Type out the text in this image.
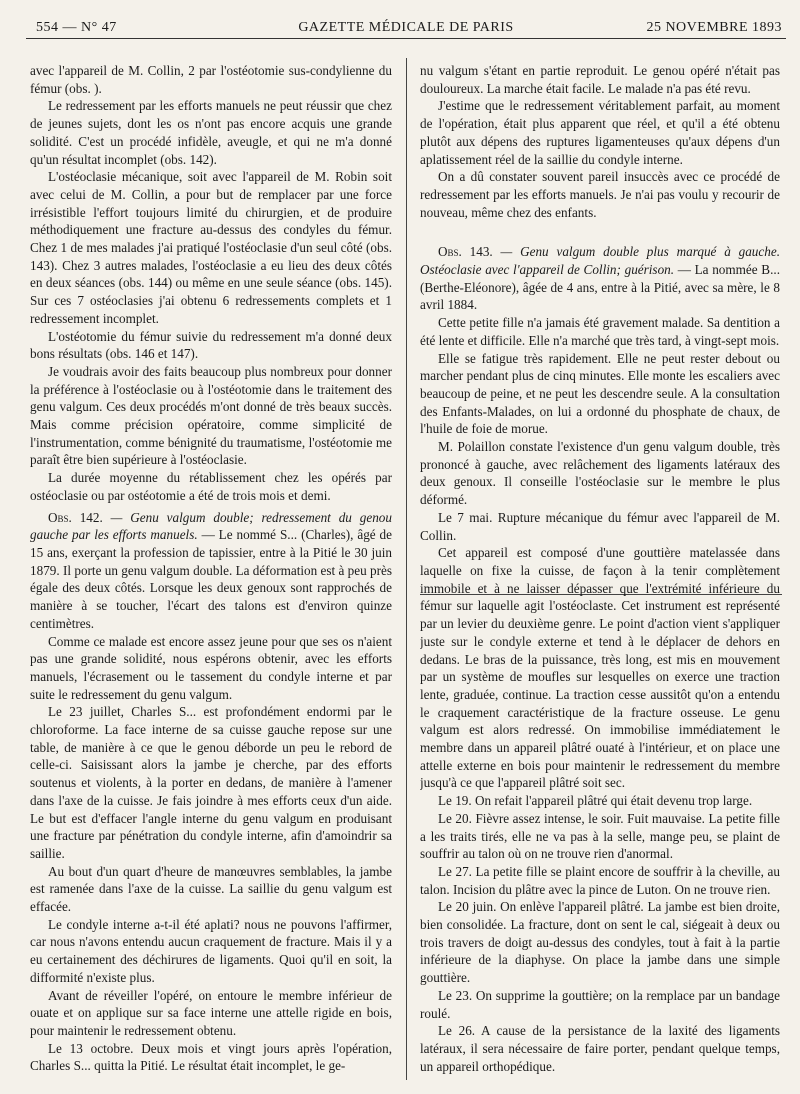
554 — N° 47	GAZETTE MÉDICALE DE PARIS	25 NOVEMBRE 1893

avec l'appareil de M. Collin, 2 par l'ostéotomie sus-condylienne du fémur (obs. ).

Le redressement par les efforts manuels ne peut réussir que chez de jeunes sujets, dont les os n'ont pas encore acquis une grande solidité. C'est un procédé infidèle, aveugle, et qui ne m'a donné qu'un résultat incomplet (obs. 142).

L'ostéoclasie mécanique, soit avec l'appareil de M. Robin soit avec celui de M. Collin, a pour but de remplacer par une force irrésistible l'effort toujours limité du chirurgien, et de produire méthodiquement une fracture au-dessus des condyles du fémur. Chez 1 de mes malades j'ai pratiqué l'ostéoclasie d'un seul côté (obs. 143). Chez 3 autres malades, l'ostéoclasie a eu lieu des deux côtés en deux séances (obs. 144) ou même en une seule séance (obs. 145). Sur ces 7 ostéoclasies j'ai obtenu 6 redressements complets et 1 redressement incomplet.

L'ostéotomie du fémur suivie du redressement m'a donné deux bons résultats (obs. 146 et 147).

Je voudrais avoir des faits beaucoup plus nombreux pour donner la préférence à l'ostéoclasie ou à l'ostéotomie dans le traitement des genu valgum. Ces deux procédés m'ont donné de très beaux succès. Mais comme précision opératoire, comme simplicité de l'instrumentation, comme bénignité du traumatisme, l'ostéotomie me paraît être bien supérieure à l'ostéoclasie.

La durée moyenne du rétablissement chez les opérés par ostéoclasie ou par ostéotomie a été de trois mois et demi.

Obs. 142. — Genu valgum double; redressement du genou gauche par les efforts manuels. — Le nommé S... (Charles), âgé de 15 ans, exerçant la profession de tapissier, entre à la Pitié le 30 juin 1879. Il porte un genu valgum double. La déformation est à peu près égale des deux côtés. Lorsque les deux genoux sont rapprochés de manière à se toucher, l'écart des talons est d'environ quinze centimètres.

Comme ce malade est encore assez jeune pour que ses os n'aient pas une grande solidité, nous espérons obtenir, avec les efforts manuels, l'écrasement ou le tassement du condyle interne et par suite le redressement du genu valgum.

Le 23 juillet, Charles S... est profondément endormi par le chloroforme. La face interne de sa cuisse gauche repose sur une table, de manière à ce que le genou déborde un peu le rebord de celle-ci. Saisissant alors la jambe je cherche, par des efforts soutenus et violents, à la porter en dedans, de manière à l'amener dans l'axe de la cuisse. Je fais joindre à mes efforts ceux d'un aide. Le but est d'effacer l'angle interne du genu valgum en produisant une fracture par pénétration du condyle interne, afin d'amoindrir sa saillie.

Au bout d'un quart d'heure de manœuvres semblables, la jambe est ramenée dans l'axe de la cuisse. La saillie du genu valgum est effacée.

Le condyle interne a-t-il été aplati? nous ne pouvons l'affirmer, car nous n'avons entendu aucun craquement de fracture. Mais il y a eu certainement des déchirures de ligaments. Quoi qu'il en soit, la difformité n'existe plus.

Avant de réveiller l'opéré, on entoure le membre inférieur de ouate et on applique sur sa face interne une attelle rigide en bois, pour maintenir le redressement obtenu.

Le 13 octobre. Deux mois et vingt jours après l'opération, Charles S... quitta la Pitié. Le résultat était incomplet, le ge-

nu valgum s'étant en partie reproduit. Le genou opéré n'était pas douloureux. La marche était facile. Le malade n'a pas été revu.

J'estime que le redressement véritablement parfait, au moment de l'opération, était plus apparent que réel, et qu'il a été obtenu plutôt aux dépens des ruptures ligamenteuses qu'aux dépens d'un aplatissement réel de la saillie du condyle interne.

On a dû constater souvent pareil insuccès avec ce procédé de redressement par les efforts manuels. Je n'ai pas voulu y recourir de nouveau, même chez des enfants.

Obs. 143. — Genu valgum double plus marqué à gauche. Ostéoclasie avec l'appareil de Collin; guérison. — La nommée B... (Berthe-Eléonore), âgée de 4 ans, entre à la Pitié, avec sa mère, le 8 avril 1884.

Cette petite fille n'a jamais été gravement malade. Sa dentition a été lente et difficile. Elle n'a marché que très tard, à vingt-sept mois.

Elle se fatigue très rapidement. Elle ne peut rester debout ou marcher pendant plus de cinq minutes. Elle monte les escaliers avec beaucoup de peine, et ne peut les descendre seule. A la consultation des Enfants-Malades, on lui a ordonné du phosphate de chaux, de l'huile de foie de morue.

M. Polaillon constate l'existence d'un genu valgum double, très prononcé à gauche, avec relâchement des ligaments latéraux des deux genoux. Il conseille l'ostéoclasie sur le membre le plus déformé.

Le 7 mai. Rupture mécanique du fémur avec l'appareil de M. Collin.

Cet appareil est composé d'une gouttière matelassée dans laquelle on fixe la cuisse, de façon à la tenir complètement immobile et à ne laisser dépasser que l'extrémité inférieure du fémur sur laquelle agit l'ostéoclaste. Cet instrument est représenté par un levier du deuxième genre. Le point d'action vient s'appliquer juste sur le condyle externe et tend à le déplacer de dehors en dedans. Le bras de la puissance, très long, est mis en mouvement par un système de moufles sur lesquelles on exerce une traction lente, graduée, continue. La traction cesse aussitôt qu'on a entendu le craquement caractéristique de la fracture osseuse. Le genu valgum est alors redressé. On immobilise immédiatement le membre dans un appareil plâtré ouaté à l'intérieur, et on place une attelle externe en bois pour maintenir le redressement du membre jusqu'à ce que l'appareil plâtré soit sec.

Le 19. On refait l'appareil plâtré qui était devenu trop large.

Le 20. Fièvre assez intense, le soir. Fuit mauvaise. La petite fille a les traits tirés, elle ne va pas à la selle, mange peu, se plaint de souffrir au talon où on ne trouve rien d'anormal.

Le 27. La petite fille se plaint encore de souffrir à la cheville, au talon. Incision du plâtre avec la pince de Luton. On ne trouve rien.

Le 20 juin. On enlève l'appareil plâtré. La jambe est bien droite, bien consolidée. La fracture, dont on sent le cal, siégeait à deux ou trois travers de doigt au-dessus des condyles, tout à fait à la partie inférieure de la diaphyse. On place la jambe dans une simple gouttière.

Le 23. On supprime la gouttière; on la remplace par un bandage roulé.

Le 26. A cause de la persistance de la laxité des ligaments latéraux, il sera nécessaire de faire porter, pendant quelque temps, un appareil orthopédique.
